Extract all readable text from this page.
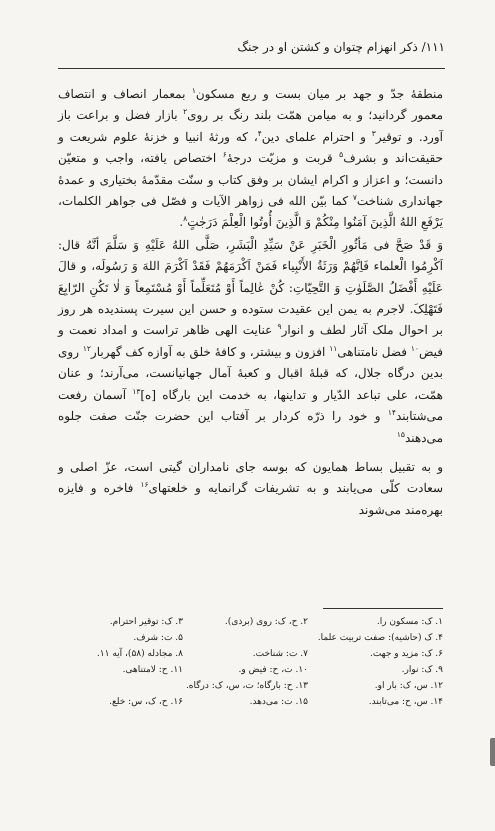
۱۱۱/ ذکر انهزام چتوان و کشتن او در جنگ

منطقهٔ جدّ و جهد بر میان بست و ربع مسکون$^۱$ بمعمار انصاف و انتصاف معمور گردانید؛ و به میامن همّت بلند رنگ بر روی$^۲$ بازار فضل و براعت باز آورد. و توقیر$^۳$ و احترام علمای دین$^۴$، که ورثهٔ انبیا و خزنهٔ علوم شریعت و حقیقت‌اند و بشرف$^۵$ قربت و مزیّت درجهٔ$^۶$ اختصاص یافته، واجب و متعیّن دانست؛ و اعزاز و اکرام ایشان بر وفق کتاب و سنّت مقدّمهٔ بختیاری و عمدهٔ جهانداری شناخت$^۷$ کما بیّن الله فی زواهر الآیات و فصّل فی جواهر الکلمات، یَرْفَعِ اللهُ الَّذِینَ آمَنُوا مِنْکُمْ وَ الَّذِینَ أُوتُوا الْعِلْمَ دَرَجٰتٍ$^۸$.

وَ قَدْ صَحَّ فی مَأثُورِ الْخَبَرِ عَنْ سَیِّدِ الْبَشَرِ، صَلَّی اللهُ عَلَیْهِ وَ سَلَّمَ أنَّهُ قال: اَکْرِمُوا الْعلماء فَاِنَّهُمْ وَرَثَةُ الأَنْبِیاء فَمَنْ اَکْرَمَهُمْ فَقَدْ اَکْرَمَ اللهَ وَ رَسُولَه، و قالَ عَلَیْهِ أَفْضَلُ الصَّلَوٰتِ وَ التَّحِیّاتِ: کُنْ عٰالِماً أَوْ مُتَعَلِّماً أَوْ مُسْتَمِعاً وَ لٰا تَکُنِ الرّابِعَ فَتَهْلِکَ. لاجرم به یمن این عقیدت ستوده و حسن این سیرت پسندیده هر روز بر احوال ملک آثار لطف و انوار$^۹$ عنایت الهی ظاهر تراست و امداد نعمت و فیض$^{۱۰}$ فضل نامتناهی$^{۱۱}$ افزون و بیشتر، و کافهٔ خلق به آوازه کف گهربار$^{۱۲}$ روی بدین درگاه جلال، که قبلهٔ اقبال و کعبهٔ آمال جهانیانست، می‌آرند؛ و عنان همّت، علی تباعد الدّیار و تداینها، به خدمت این بارگاه [ه]$^{۱۳}$ آسمان رفعت می‌شتابند$^{۱۴}$ و خود را ذرّه کردار بر آفتاب این حضرت جنّت صفت جلوه می‌دهند$^{۱۵}$

و به تقبیل بساط همایون که بوسه جای نامداران گیتی است، عزّ اصلی و سعادت کلّی می‌یابند و به تشریفات گرانمایه و خلعتهای$^{۱۶}$ فاخره و فایزه بهره‌مند می‌شوند

۱. ک: مسکون را.
۲. ح، ک: روی (برذی).
۳. ک: توقیر احترام.
۴. ک (حاشیه): صفت تربیت علما.
۵. ت: شرف.
۶. ک: مزید و جهت.
۷. ت: شناخت.
۸. مجادله (۵۸)، آیه ۱۱.
۹. ک: نوار.
۱۰. ت، ح: فیض و.
۱۱. ح: لامتناهی.
۱۲. س، ک: بار او.
۱۳. ح: بارگاه؛ ت، س، ک: درگاه.
۱۴. س، ح: می‌تابند.
۱۵. ت: می‌دهد.
۱۶. ح، ک، س: خلع.
